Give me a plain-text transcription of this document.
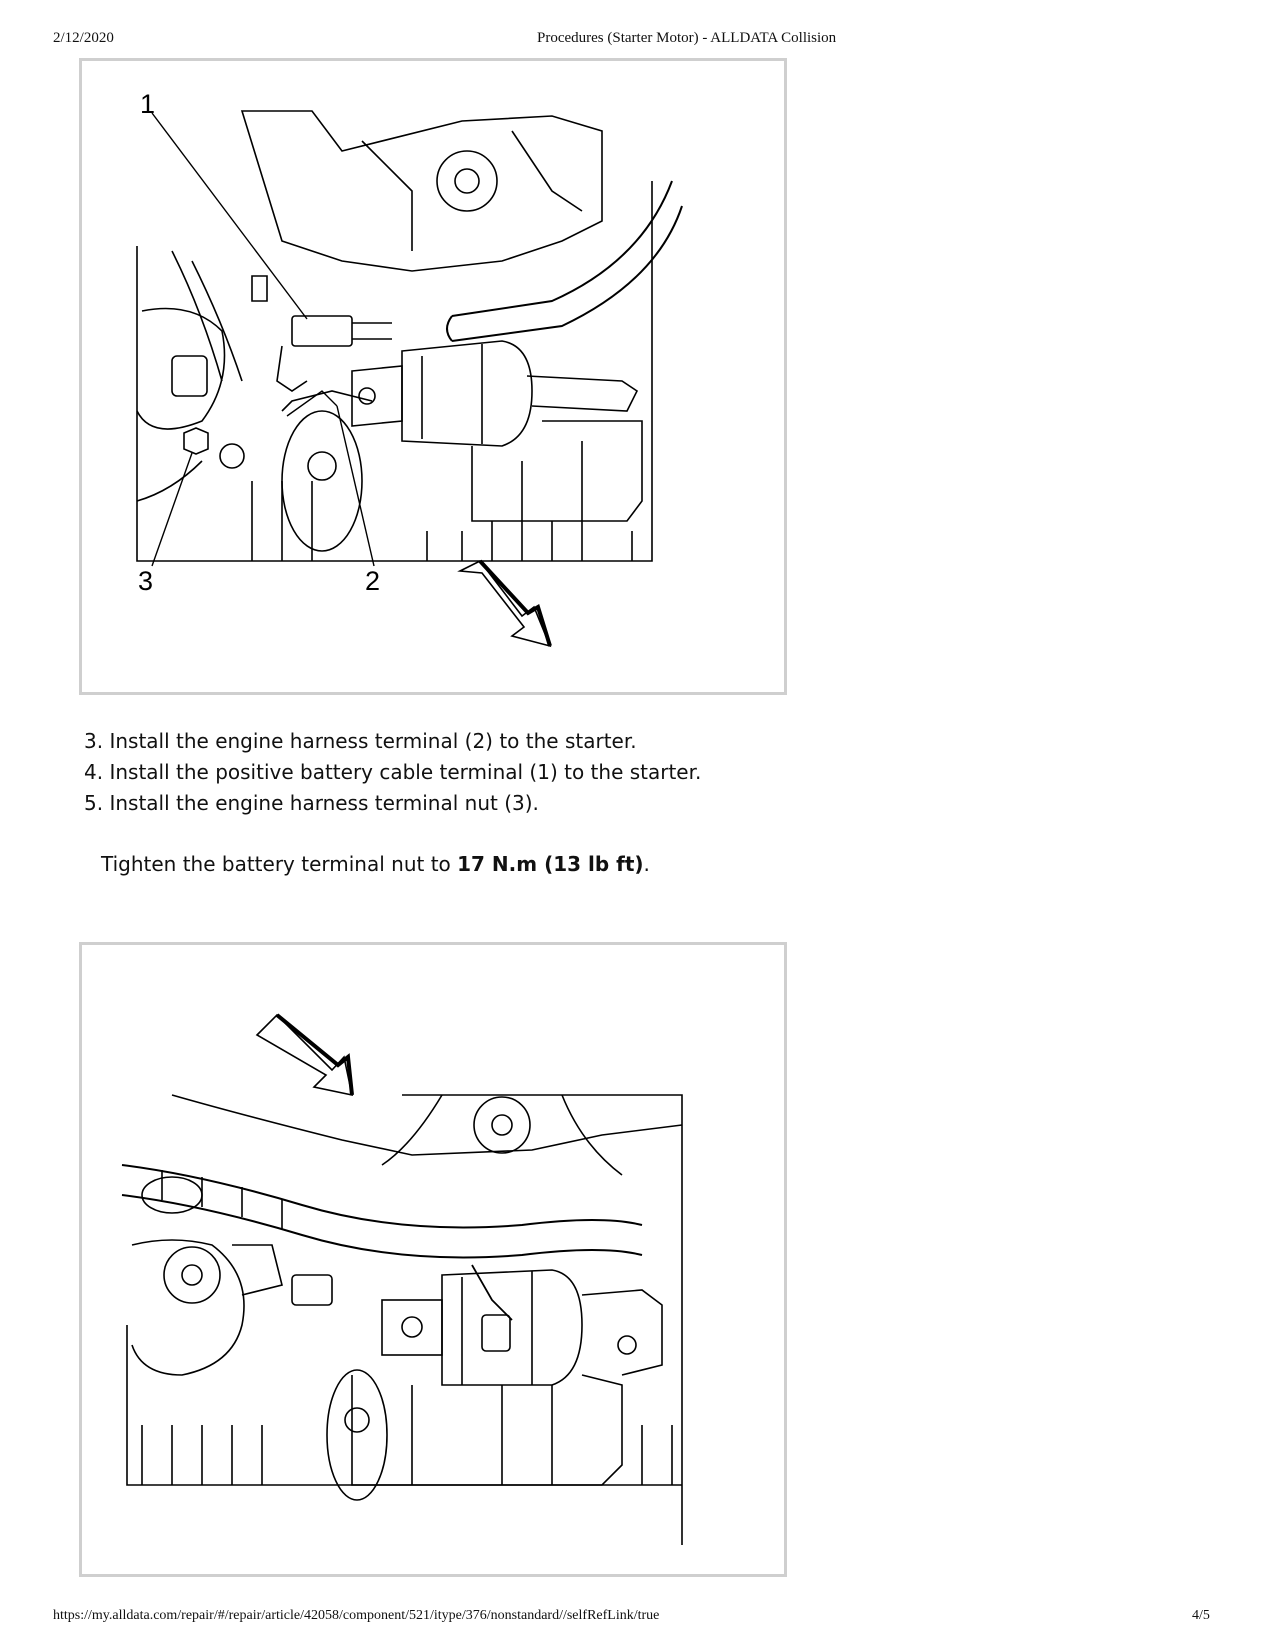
2/12/2020	Procedures (Starter Motor) - ALLDATA Collision
1
2
3
3. Install the engine harness terminal (2) to the starter.
4. Install the positive battery cable terminal (1) to the starter.
5. Install the engine harness terminal nut (3).

Tighten the battery terminal nut to 17 N.m (13 lb ft).

https://my.alldata.com/repair/#/repair/article/42058/component/521/itype/376/nonstandard//selfRefLink/true	4/5
